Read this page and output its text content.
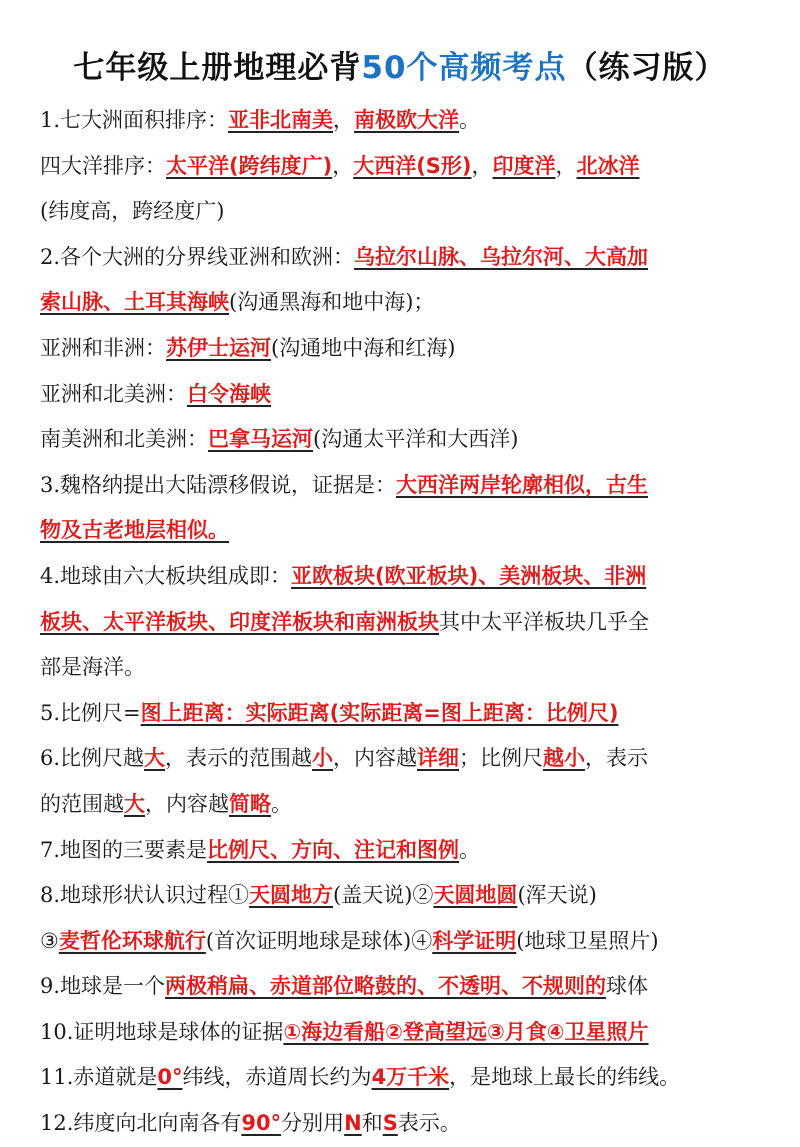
七年级上册地理必背50个高频考点（练习版）
1.七大洲面积排序：亚非北南美，南极欧大洋。
四大洋排序：太平洋(跨纬度广)，大西洋(S形)，印度洋，北冰洋
(纬度高，跨经度广)
2.各个大洲的分界线亚洲和欧洲：乌拉尔山脉、乌拉尔河、大高加
索山脉、土耳其海峡(沟通黑海和地中海)；
亚洲和非洲：苏伊士运河(沟通地中海和红海)
亚洲和北美洲：白令海峡
南美洲和北美洲：巴拿马运河(沟通太平洋和大西洋)
3.魏格纳提出大陆漂移假说，证据是：大西洋两岸轮廓相似，古生
物及古老地层相似。
4.地球由六大板块组成即：亚欧板块(欧亚板块)、美洲板块、非洲
板块、太平洋板块、印度洋板块和南洲板块其中太平洋板块几乎全
部是海洋。
5.比例尺=图上距离：实际距离(实际距离=图上距离：比例尺)
6.比例尺越大，表示的范围越小，内容越详细；比例尺越小，表示
的范围越大，内容越简略。
7.地图的三要素是比例尺、方向、注记和图例。
8.地球形状认识过程①天圆地方(盖天说)②天圆地圆(浑天说)
③麦哲伦环球航行(首次证明地球是球体)④科学证明(地球卫星照片)
9.地球是一个两极稍扁、赤道部位略鼓的、不透明、不规则的球体
10.证明地球是球体的证据①海边看船②登高望远③月食④卫星照片
11.赤道就是0°纬线，赤道周长约为4万千米，是地球上最长的纬线。
12.纬度向北向南各有90°分别用N和S表示。
